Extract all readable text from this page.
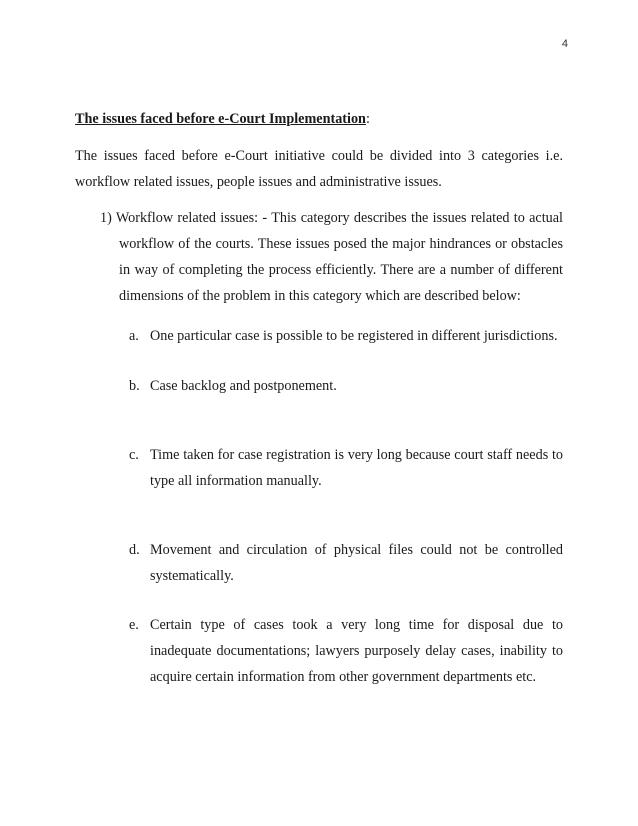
4

The issues faced before e-Court Implementation:

The issues faced before e-Court initiative could be divided into 3 categories i.e. workflow related issues, people issues and administrative issues.

1) Workflow related issues: - This category describes the issues related to actual workflow of the courts. These issues posed the major hindrances or obstacles in way of completing the process efficiently. There are a number of different dimensions of the problem in this category which are described below:

a. One particular case is possible to be registered in different jurisdictions.
b. Case backlog and postponement.
c. Time taken for case registration is very long because court staff needs to type all information manually.
d. Movement and circulation of physical files could not be controlled systematically.
e. Certain type of cases took a very long time for disposal due to inadequate documentations; lawyers purposely delay cases, inability to acquire certain information from other government departments etc.
